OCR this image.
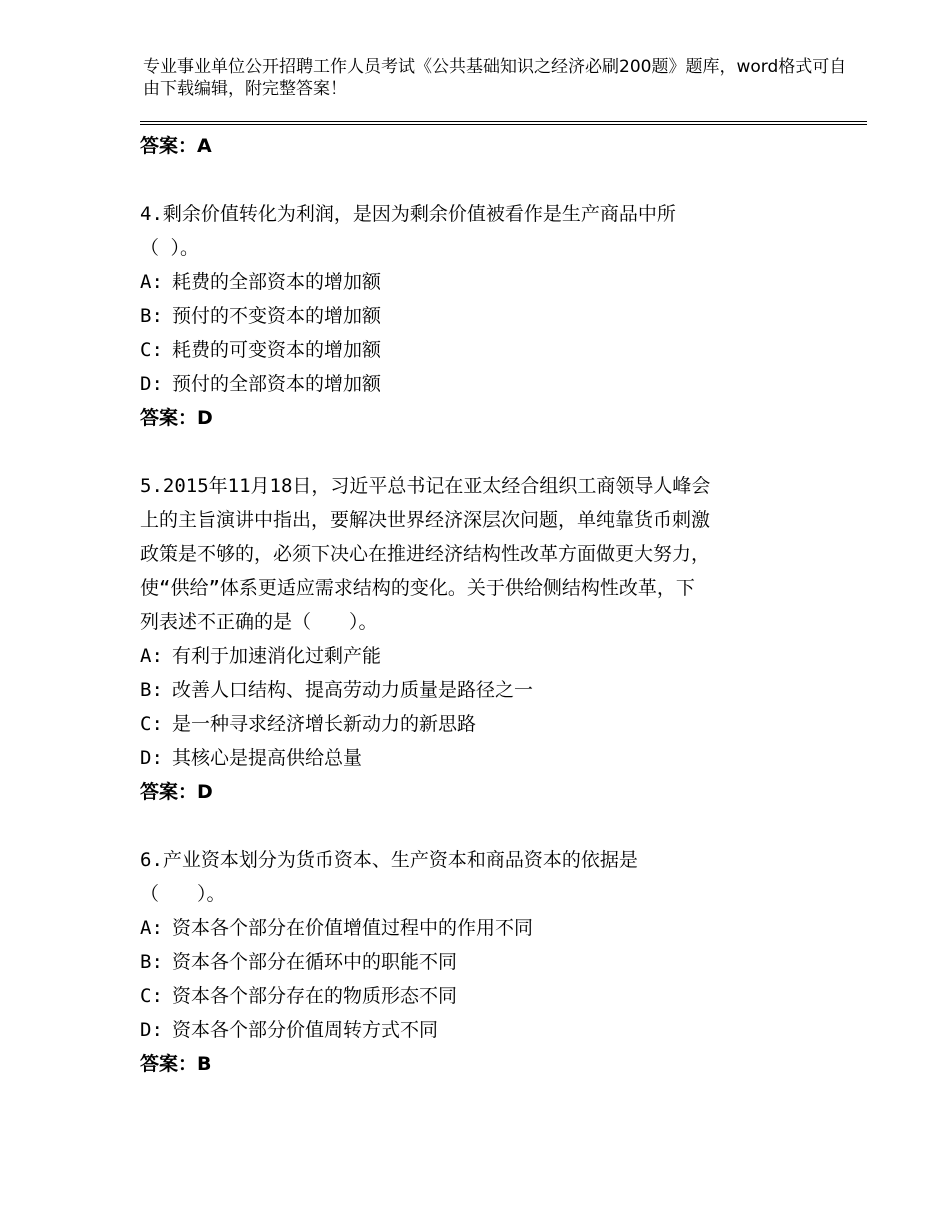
专业事业单位公开招聘工作人员考试《公共基础知识之经济必刷200题》题库，word格式可自由下载编辑，附完整答案！
答案：A
4.剩余价值转化为利润，是因为剩余价值被看作是生产商品中所
（ ）。
A: 耗费的全部资本的增加额
B: 预付的不变资本的增加额
C: 耗费的可变资本的增加额
D: 预付的全部资本的增加额
答案：D
5.2015年11月18日，习近平总书记在亚太经合组织工商领导人峰会
上的主旨演讲中指出，要解决世界经济深层次问题，单纯靠货币刺激
政策是不够的，必须下决心在推进经济结构性改革方面做更大努力，
使“供给”体系更适应需求结构的变化。关于供给侧结构性改革，下
列表述不正确的是（　　）。
A: 有利于加速消化过剩产能
B: 改善人口结构、提高劳动力质量是路径之一
C: 是一种寻求经济增长新动力的新思路
D: 其核心是提高供给总量
答案：D
6.产业资本划分为货币资本、生产资本和商品资本的依据是
（　　）。
A: 资本各个部分在价值增值过程中的作用不同
B: 资本各个部分在循环中的职能不同
C: 资本各个部分存在的物质形态不同
D: 资本各个部分价值周转方式不同
答案：B
